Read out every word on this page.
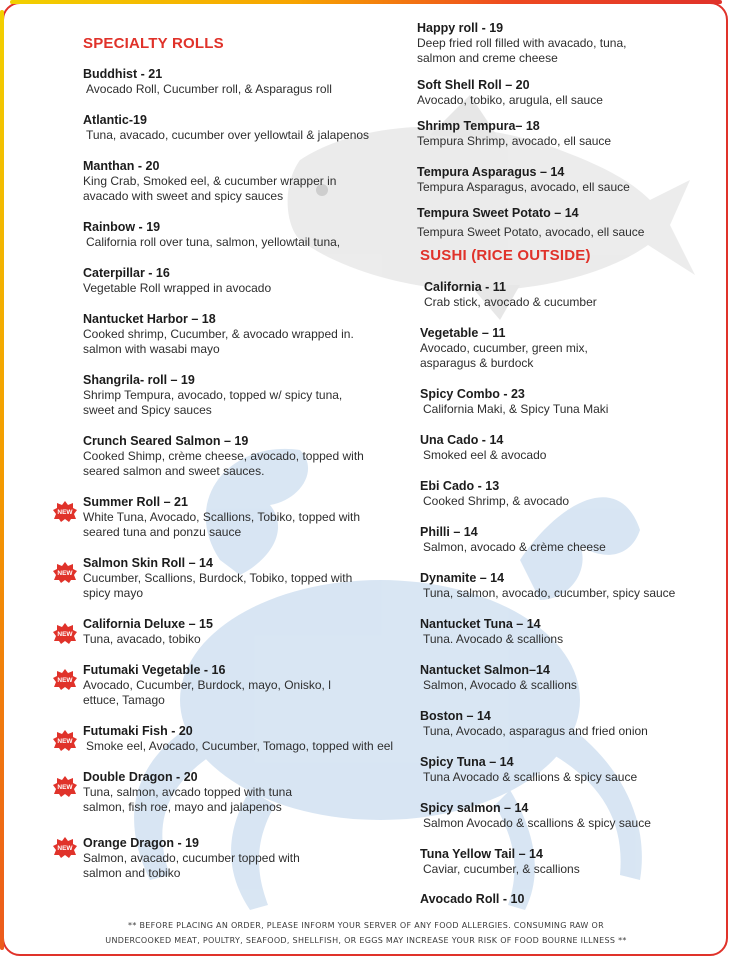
SPECIALTY ROLLS
Buddhist - 21
Avocado Roll, Cucumber roll, & Asparagus roll
Atlantic-19
Tuna, avacado, cucumber over yellowtail & jalapenos
Manthan - 20
King Crab, Smoked eel, & cucumber wrapper in avacado with sweet and spicy sauces
Rainbow - 19
California roll over tuna, salmon, yellowtail tuna,
Caterpillar - 16
Vegetable Roll wrapped in avocado
Nantucket Harbor – 18
Cooked shrimp, Cucumber, & avocado wrapped in. salmon with wasabi mayo
Shangrila- roll – 19
Shrimp Tempura, avocado, topped w/ spicy tuna, sweet and Spicy sauces
Crunch Seared Salmon – 19
Cooked Shimp, crème cheese, avocado, topped with seared salmon and sweet sauces.
NEW
Summer Roll – 21
White Tuna, Avocado, Scallions, Tobiko, topped with seared tuna and ponzu sauce
NEW
Salmon Skin Roll – 14
Cucumber, Scallions, Burdock, Tobiko, topped with spicy mayo
NEW
California Deluxe – 15
Tuna, avacado, tobiko
NEW
Futumaki Vegetable - 16
Avocado, Cucumber, Burdock, mayo, Onisko, l ettuce, Tamago
NEW
Futumaki Fish - 20
Smoke eel, Avocado, Cucumber, Tomago, topped with eel
NEW
Double Dragon - 20
Tuna, salmon, avcado topped with tuna salmon, fish roe, mayo and jalapenos
NEW Orange Dragon - 19
Salmon, avacado, cucumber topped with salmon and tobiko
Happy roll - 19
Deep fried roll filled with avacado, tuna, salmon and creme cheese
Soft Shell Roll – 20
Avocado, tobiko, arugula, ell sauce
Shrimp Tempura– 18
Tempura Shrimp, avocado, ell sauce
Tempura Asparagus – 14
Tempura Asparagus, avocado, ell sauce
Tempura Sweet Potato – 14
Tempura Sweet Potato, avocado, ell sauce
SUSHI (RICE OUTSIDE)
California - 11
Crab stick, avocado & cucumber
Vegetable – 11
Avocado, cucumber, green mix, asparagus & burdock
Spicy Combo - 23
California Maki, & Spicy Tuna Maki
Una Cado - 14
Smoked eel & avocado
Ebi Cado - 13
Cooked Shrimp, & avocado
Philli – 14
Salmon, avocado & crème cheese
Dynamite – 14
Tuna, salmon, avocado, cucumber, spicy sauce
Nantucket Tuna – 14
Tuna. Avocado & scallions
Nantucket Salmon–14
Salmon, Avocado & scallions
Boston – 14
Tuna, Avocado, asparagus and fried onion
Spicy Tuna – 14
Tuna Avocado & scallions & spicy sauce
Spicy salmon – 14
Salmon Avocado & scallions & spicy sauce
Tuna Yellow Tail – 14
Caviar, cucumber, & scallions
Avocado Roll - 10
** BEFORE PLACING AN ORDER, PLEASE INFORM YOUR SERVER OF ANY FOOD ALLERGIES. CONSUMING RAW OR
UNDERCOOKED MEAT, POULTRY, SEAFOOD, SHELLFISH, OR EGGS MAY INCREASE YOUR RISK OF FOOD BOURNE ILLNESS **
